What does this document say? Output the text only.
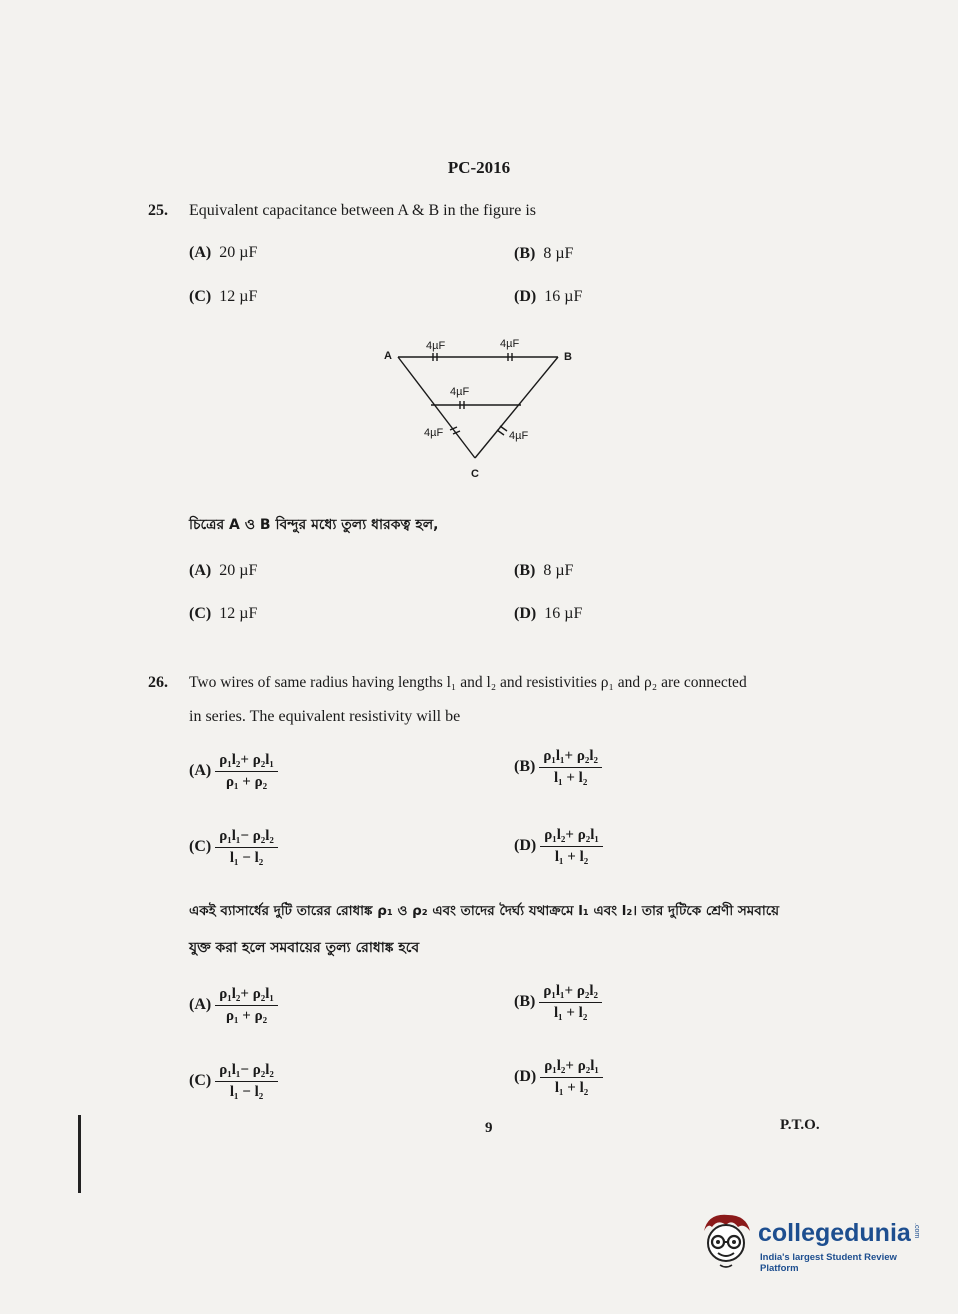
PC-2016
25. Equivalent capacitance between A & B in the figure is
(A) 20 µF	(B) 8 µF
(C) 12 µF	(D) 16 µF
A	B
C
4µF	4µF
4µF
4µF	4µF
চিত্রের A ও B বিন্দুর মধ্যে তুল্য ধারকত্ব হল,
(A) 20 µF	(B) 8 µF
(C) 12 µF	(D) 16 µF
26. Two wires of same radius having lengths l₁ and l₂ and resistivities ρ₁ and ρ₂ are connected
in series. The equivalent resistivity will be
$(A) \frac{\text{ρ₁l₂+ ρ₂l₁}}{\text{ρ₁ + ρ₂}}$	$(B) \frac{\text{ρ₁l₁+ ρ₂l₂}}{\text{l₁ + l₂}}$
$(C) \frac{\text{ρ₁l₁− ρ₂l₂}}{\text{l₁ − l₂}}$	$(D) \frac{\text{ρ₁l₂+ ρ₂l₁}}{\text{l₁ + l₂}}$
একই ব্যাসার্ধের দুটি তারের রোধাঙ্ক ρ₁ ও ρ₂ এবং তাদের দৈর্ঘ্য যথাক্রমে l₁ এবং l₂। তার দুটিকে শ্রেণী সমবায়ে
যুক্ত করা হলে সমবায়ের তুল্য রোধাঙ্ক হবে
$(A) \frac{\text{ρ₁l₂+ ρ₂l₁}}{\text{ρ₁ + ρ₂}}$	$(B) \frac{\text{ρ₁l₁+ ρ₂l₂}}{\text{l₁ + l₂}}$
$(C) \frac{\text{ρ₁l₁− ρ₂l₂}}{\text{l₁ − l₂}}$	$(D) \frac{\text{ρ₁l₂+ ρ₂l₁}}{\text{l₁ + l₂}}$
9	P.T.O.
collegedunia .com
India's largest Student Review Platform
